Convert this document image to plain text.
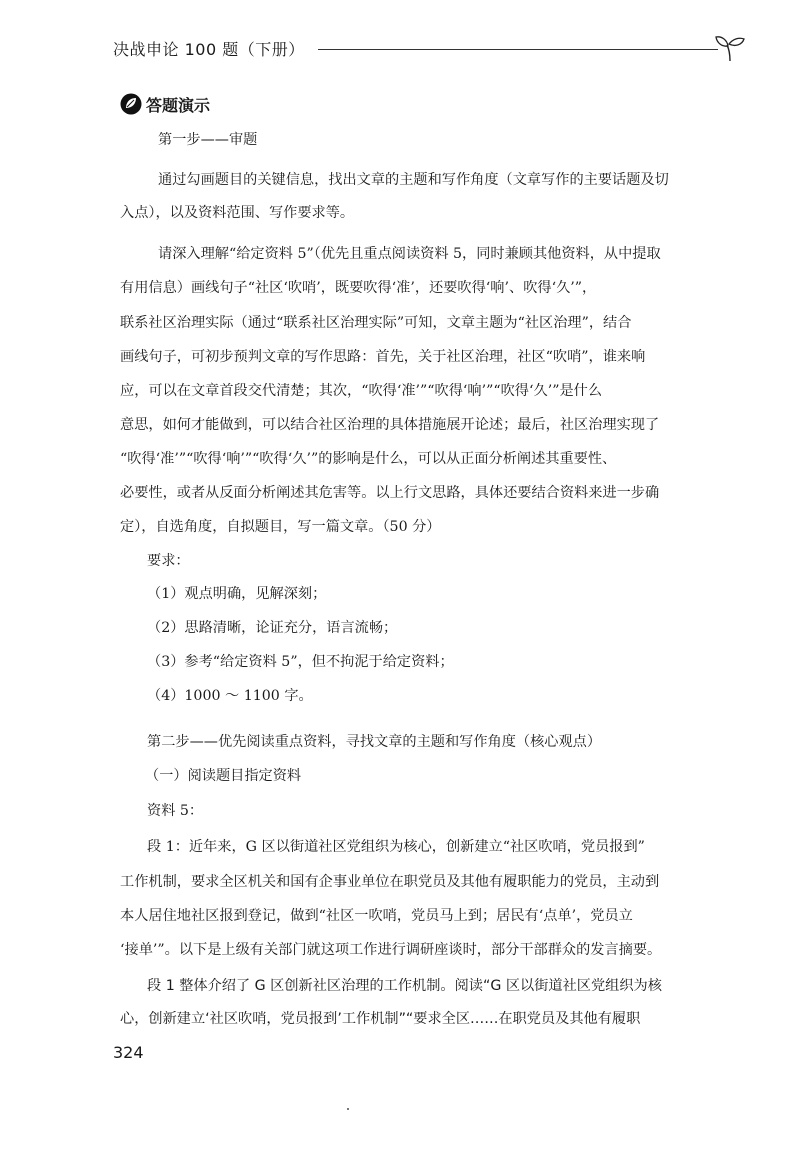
决战申论 100 题（下册）
答题演示
第一步——审题
通过勾画题目的关键信息，找出文章的主题和写作角度（文章写作的主要话题及切
入点），以及资料范围、写作要求等。
请深入理解“给定资料 5”（优先且重点阅读资料 5，同时兼顾其他资料，从中提取
有用信息）画线句子“社区‘吹哨’，既要吹得‘准’，还要吹得‘响’、吹得‘久’”，
联系社区治理实际（通过“联系社区治理实际”可知，文章主题为“社区治理”，结合
画线句子，可初步预判文章的写作思路：首先，关于社区治理，社区“吹哨”，谁来响
应，可以在文章首段交代清楚；其次，“吹得‘准’”“吹得‘响’”“吹得‘久’”是什么
意思，如何才能做到，可以结合社区治理的具体措施展开论述；最后，社区治理实现了
“吹得‘准’”“吹得‘响’”“吹得‘久’”的影响是什么，可以从正面分析阐述其重要性、
必要性，或者从反面分析阐述其危害等。以上行文思路，具体还要结合资料来进一步确
定），自选角度，自拟题目，写一篇文章。（50 分）
要求：
（1）观点明确，见解深刻；
（2）思路清晰，论证充分，语言流畅；
（3）参考“给定资料 5”，但不拘泥于给定资料；
（4）1000 ～ 1100 字。
第二步——优先阅读重点资料，寻找文章的主题和写作角度（核心观点）
（一）阅读题目指定资料
资料 5：
段 1：近年来，G 区以街道社区党组织为核心，创新建立“社区吹哨，党员报到”
工作机制，要求全区机关和国有企事业单位在职党员及其他有履职能力的党员，主动到
本人居住地社区报到登记，做到“社区一吹哨，党员马上到；居民有‘点单’，党员立
‘接单’”。以下是上级有关部门就这项工作进行调研座谈时，部分干部群众的发言摘要。
段 1 整体介绍了 G 区创新社区治理的工作机制。阅读“G 区以街道社区党组织为核
心，创新建立‘社区吹哨，党员报到’工作机制”“要求全区……在职党员及其他有履职
324
